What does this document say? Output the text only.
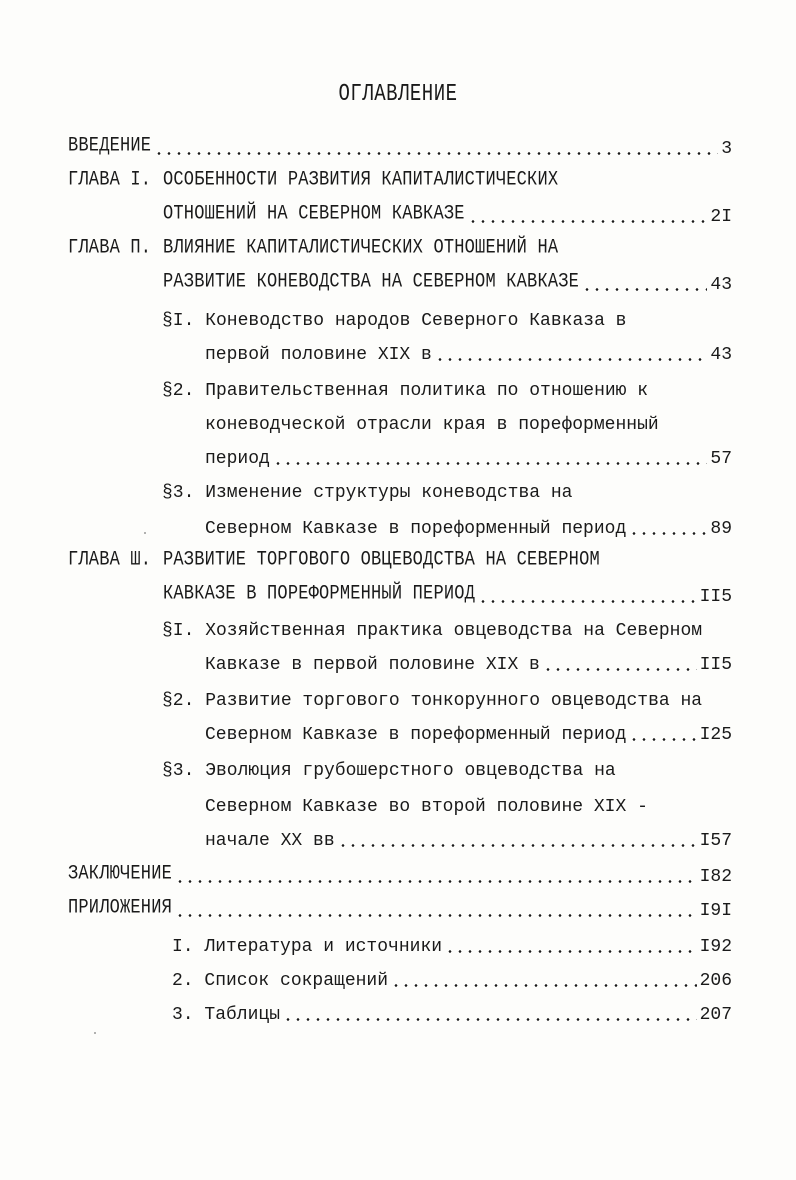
ОГЛАВЛЕНИЕ
ВВЕДЕНИЕ	3
ГЛАВА I. ОСОБЕННОСТИ РАЗВИТИЯ КАПИТАЛИСТИЧЕСКИХ
ОТНОШЕНИЙ НА СЕВЕРНОМ КАВКАЗЕ	2I
ГЛАВА П. ВЛИЯНИЕ КАПИТАЛИСТИЧЕСКИХ ОТНОШЕНИЙ НА
РАЗВИТИЕ КОНЕВОДСТВА НА СЕВЕРНОМ КАВКАЗЕ	43
§I. Коневодство народов Северного Кавказа в
первой половине XIX в	43
§2. Правительственная политика по отношению к
коневодческой отрасли края в пореформенный
период	57
§3. Изменение структуры коневодства на
Северном Кавказе в пореформенный период	89
ГЛАВА Ш. РАЗВИТИЕ ТОРГОВОГО ОВЦЕВОДСТВА НА СЕВЕРНОМ
КАВКАЗЕ В ПОРЕФОРМЕННЫЙ ПЕРИОД	II5
§I. Хозяйственная практика овцеводства на Северном
Кавказе в первой половине XIX в	II5
§2. Развитие торгового тонкорунного овцеводства на
Северном Кавказе в пореформенный период	I25
§3. Эволюция грубошерстного овцеводства на
Северном Кавказе во второй половине XIX -
начале XX вв	I57
ЗАКЛЮЧЕНИЕ	I82
ПРИЛОЖЕНИЯ	I9I
I. Литература и источники	I92
2. Список сокращений	206
3. Таблицы	207
